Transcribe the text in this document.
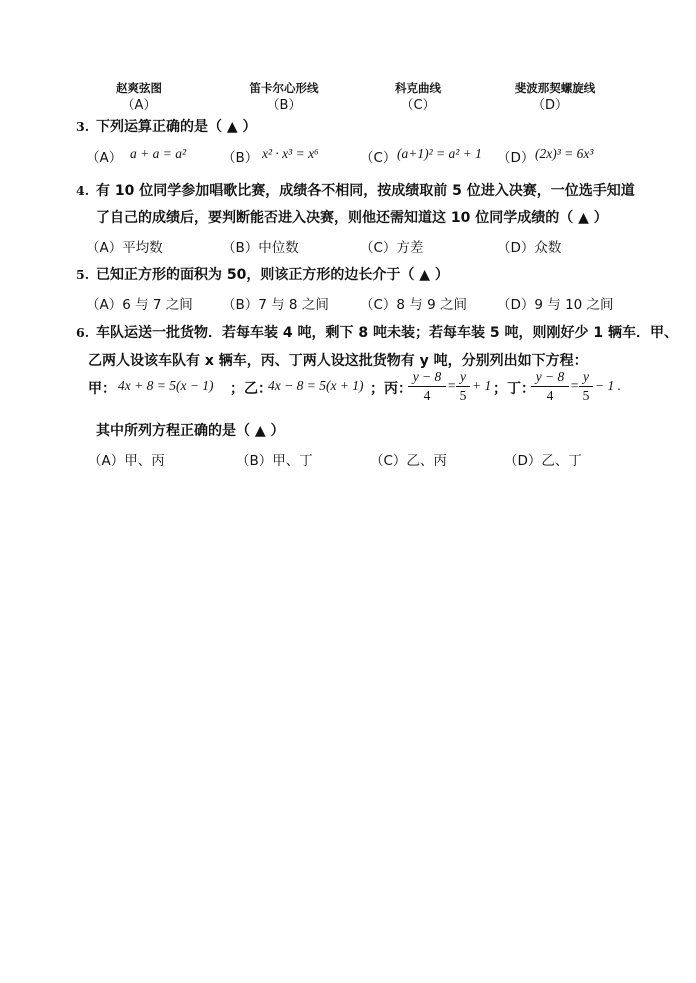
赵爽弦图
（A）
笛卡尔心形线
（B）
科克曲线
（C）
斐波那契螺旋线
（D）
3. 下列运算正确的是（ ▲ ）
（A） a + a = a²	（B） x² · x³ = x⁶	（C） (a+1)² = a² + 1 （D） (2x)³ = 6x³
4. 有 10 位同学参加唱歌比赛，成绩各不相同，按成绩取前 5 位进入决赛，一位选手知道
了自己的成绩后，要判断能否进入决赛，则他还需知道这 10 位同学成绩的（ ▲ ）
（A）平均数	（B）中位数	（C）方差	（D）众数
5. 已知正方形的面积为 50，则该正方形的边长介于（ ▲ ）
（A）6 与 7 之间 （B）7 与 8 之间 （C）8 与 9 之间 （D）9 与 10 之间
6. 车队运送一批货物．若每车装 4 吨，剩下 8 吨未装；若每车装 5 吨，则刚好少 1 辆车．甲、
乙两人设该车队有 x 辆车，丙、丁两人设这批货物有 y 吨，分别列出如下方程：
甲： 4x + 8 = 5(x − 1) ；乙：
4x − 8 = 5(x + 1) ；丙：
y − 8
4
=
y
5
+ 1 ；丁：
y − 8
4
=
y
5
− 1 .
其中所列方程正确的是（ ▲ ）
（A）甲、丙	（B）甲、丁	（C）乙、丙	（D）乙、丁
